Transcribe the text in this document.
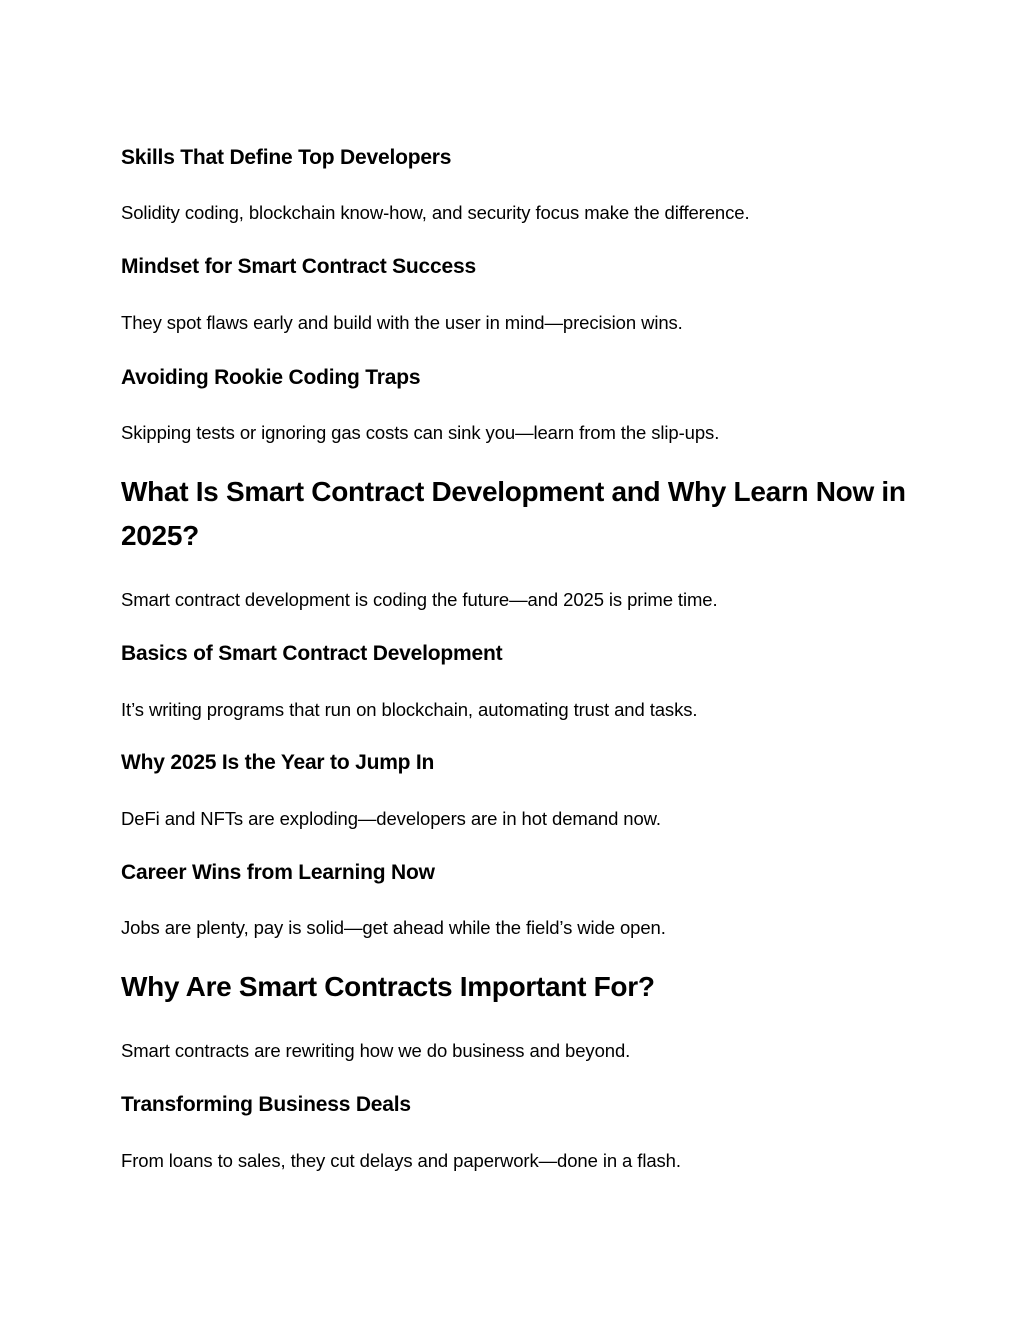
Skills That Define Top Developers

Solidity coding, blockchain know-how, and security focus make the difference.

Mindset for Smart Contract Success

They spot flaws early and build with the user in mind—precision wins.

Avoiding Rookie Coding Traps

Skipping tests or ignoring gas costs can sink you—learn from the slip-ups.

What Is Smart Contract Development and Why Learn Now in 2025?

Smart contract development is coding the future—and 2025 is prime time.

Basics of Smart Contract Development

It’s writing programs that run on blockchain, automating trust and tasks.

Why 2025 Is the Year to Jump In

DeFi and NFTs are exploding—developers are in hot demand now.

Career Wins from Learning Now

Jobs are plenty, pay is solid—get ahead while the field’s wide open.

Why Are Smart Contracts Important For?

Smart contracts are rewriting how we do business and beyond.

Transforming Business Deals

From loans to sales, they cut delays and paperwork—done in a flash.
